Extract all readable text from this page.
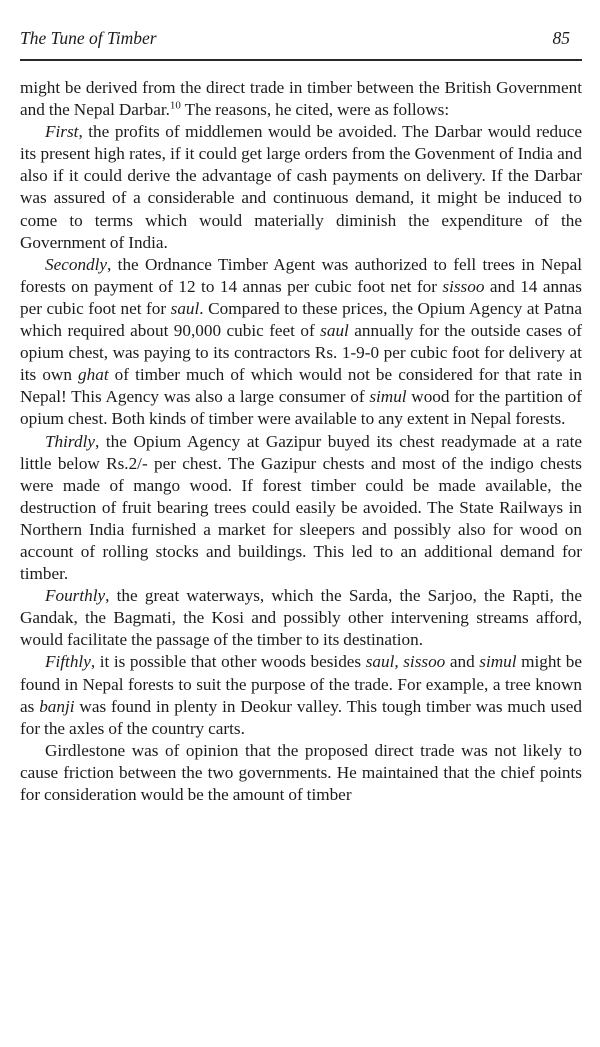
The Tune of Timber	85

might be derived from the direct trade in timber between the British Government and the Nepal Darbar.$^{10}$ The reasons, he cited, were as follows:

First, the profits of middlemen would be avoided. The Darbar would reduce its present high rates, if it could get large orders from the Govenment of India and also if it could derive the advantage of cash payments on delivery. If the Darbar was assured of a considerable and continuous demand, it might be induced to come to terms which would materially diminish the expenditure of the Government of India.

Secondly, the Ordnance Timber Agent was authorized to fell trees in Nepal forests on payment of 12 to 14 annas per cubic foot net for sissoo and 14 annas per cubic foot net for saul. Compared to these prices, the Opium Agency at Patna which required about 90,000 cubic feet of saul annually for the outside cases of opium chest, was paying to its contractors Rs. 1-9-0 per cubic foot for delivery at its own ghat of timber much of which would not be considered for that rate in Nepal! This Agency was also a large consumer of simul wood for the partition of opium chest. Both kinds of timber were available to any extent in Nepal forests.

Thirdly, the Opium Agency at Gazipur buyed its chest readymade at a rate little below Rs.2/- per chest. The Gazipur chests and most of the indigo chests were made of mango wood. If forest timber could be made available, the destruction of fruit bearing trees could easily be avoided. The State Railways in Northern India furnished a market for sleepers and possibly also for wood on account of rolling stocks and buildings. This led to an additional demand for timber.

Fourthly, the great waterways, which the Sarda, the Sarjoo, the Rapti, the Gandak, the Bagmati, the Kosi and possibly other intervening streams afford, would facilitate the passage of the timber to its destination.

Fifthly, it is possible that other woods besides saul, sissoo and simul might be found in Nepal forests to suit the purpose of the trade. For example, a tree known as banji was found in plenty in Deokur valley. This tough timber was much used for the axles of the country carts.

Girdlestone was of opinion that the proposed direct trade was not likely to cause friction between the two governments. He maintained that the chief points for consideration would be the amount of timber
